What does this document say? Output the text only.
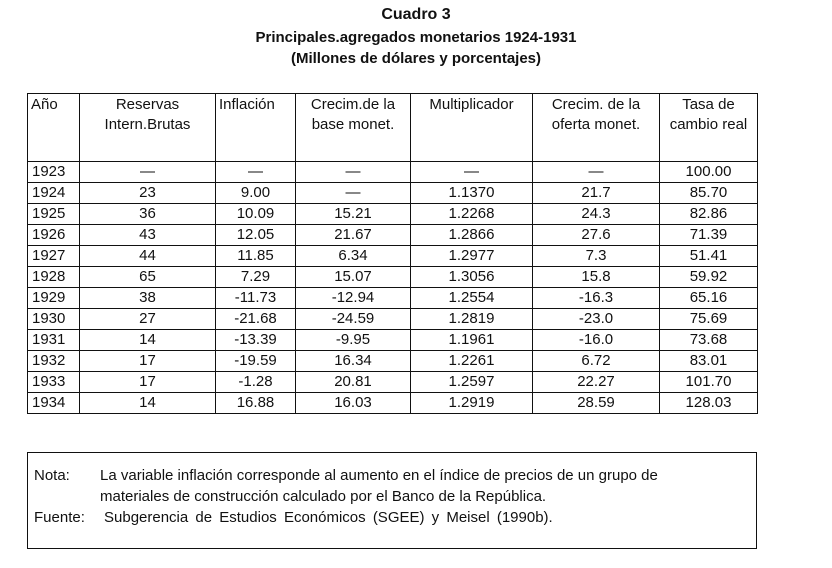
Cuadro 3
Principales.agregados monetarios 1924-1931
(Millones de dólares y porcentajes)
Año	Reservas Intern.Brutas	Inflación	Crecim.de la base monet.	Multiplicador	Crecim. de la oferta monet.	Tasa de cambio real
1923	—	—	—	—	—	100.00
1924	23	9.00	—	1.1370	21.7	85.70
1925	36	10.09	15.21	1.2268	24.3	82.86
1926	43	12.05	21.67	1.2866	27.6	71.39
1927	44	11.85	6.34	1.2977	7.3	51.41
1928	65	7.29	15.07	1.3056	15.8	59.92
1929	38	-11.73	-12.94	1.2554	-16.3	65.16
1930	27	-21.68	-24.59	1.2819	-23.0	75.69
1931	14	-13.39	-9.95	1.1961	-16.0	73.68
1932	17	-19.59	16.34	1.2261	6.72	83.01
1933	17	-1.28	20.81	1.2597	22.27	101.70
1934	14	16.88	16.03	1.2919	28.59	128.03
Nota: La variable inflación corresponde al aumento en el índice de precios de un grupo de
materiales de construcción calculado por el Banco de la República.
Fuente: Subgerencia de Estudios Económicos (SGEE) y Meisel (1990b).
